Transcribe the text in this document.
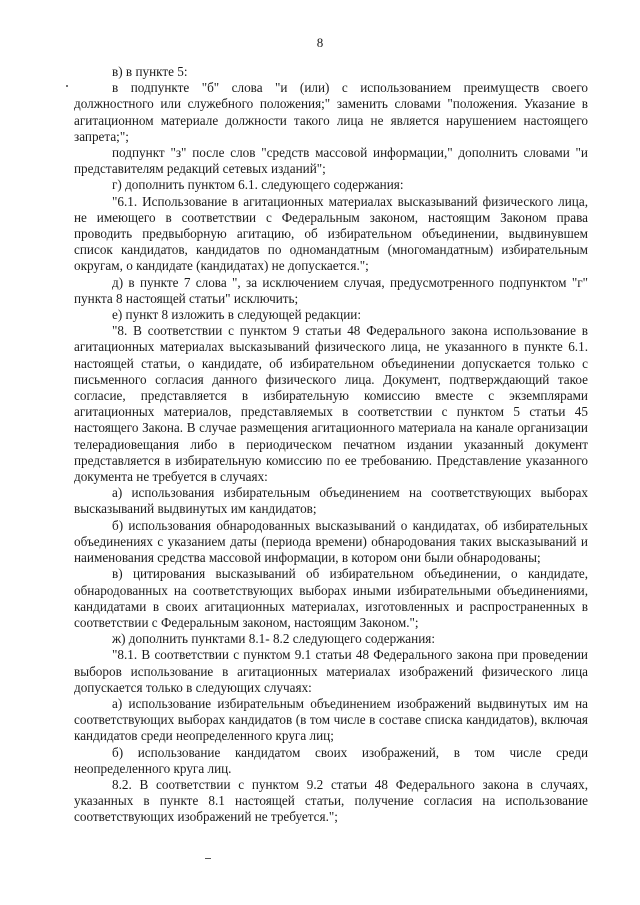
8

в) в пункте 5:

в подпункте "б" слова "и (или) с использованием преимуществ своего должностного или служебного положения;" заменить словами "положения. Указание в агитационном материале должности такого лица не является нарушением настоящего запрета;";

подпункт "з" после слов "средств массовой информации," дополнить словами "и представителям редакций сетевых изданий";

г) дополнить пунктом 6.1. следующего содержания:

"6.1. Использование в агитационных материалах высказываний физического лица, не имеющего в соответствии с Федеральным законом, настоящим Законом права проводить предвыборную агитацию, об избирательном объединении, выдвинувшем список кандидатов, кандидатов по одномандатным (многомандатным) избирательным округам, о кандидате (кандидатах) не допускается.";

д) в пункте 7 слова ", за исключением случая, предусмотренного подпунктом "г" пункта 8 настоящей статьи" исключить;

е) пункт 8 изложить в следующей редакции:

"8. В соответствии с пунктом 9 статьи 48 Федерального закона использование в агитационных материалах высказываний физического лица, не указанного в пункте 6.1. настоящей статьи, о кандидате, об избирательном объединении допускается только с письменного согласия данного физического лица. Документ, подтверждающий такое согласие, представляется в избирательную комиссию вместе с экземплярами агитационных материалов, представляемых в соответствии с пунктом 5 статьи 45 настоящего Закона. В случае размещения агитационного материала на канале организации телерадиовещания либо в периодическом печатном издании указанный документ представляется в избирательную комиссию по ее требованию. Представление указанного документа не требуется в случаях:

а) использования избирательным объединением на соответствующих выборах высказываний выдвинутых им кандидатов;

б) использования обнародованных высказываний о кандидатах, об избирательных объединениях с указанием даты (периода времени) обнародования таких высказываний и наименования средства массовой информации, в котором они были обнародованы;

в) цитирования высказываний об избирательном объединении, о кандидате, обнародованных на соответствующих выборах иными избирательными объединениями, кандидатами в своих агитационных материалах, изготовленных и распространенных в соответствии с Федеральным законом, настоящим Законом.";

ж) дополнить пунктами 8.1- 8.2 следующего содержания:

"8.1. В соответствии с пунктом 9.1 статьи 48 Федерального закона при проведении выборов использование в агитационных материалах изображений физического лица допускается только в следующих случаях:

а) использование избирательным объединением изображений выдвинутых им на соответствующих выборах кандидатов (в том числе в составе списка кандидатов), включая кандидатов среди неопределенного круга лиц;

б) использование кандидатом своих изображений, в том числе среди неопределенного круга лиц.

8.2. В соответствии с пунктом 9.2 статьи 48 Федерального закона в случаях, указанных в пункте 8.1 настоящей статьи, получение согласия на использование соответствующих изображений не требуется.";
